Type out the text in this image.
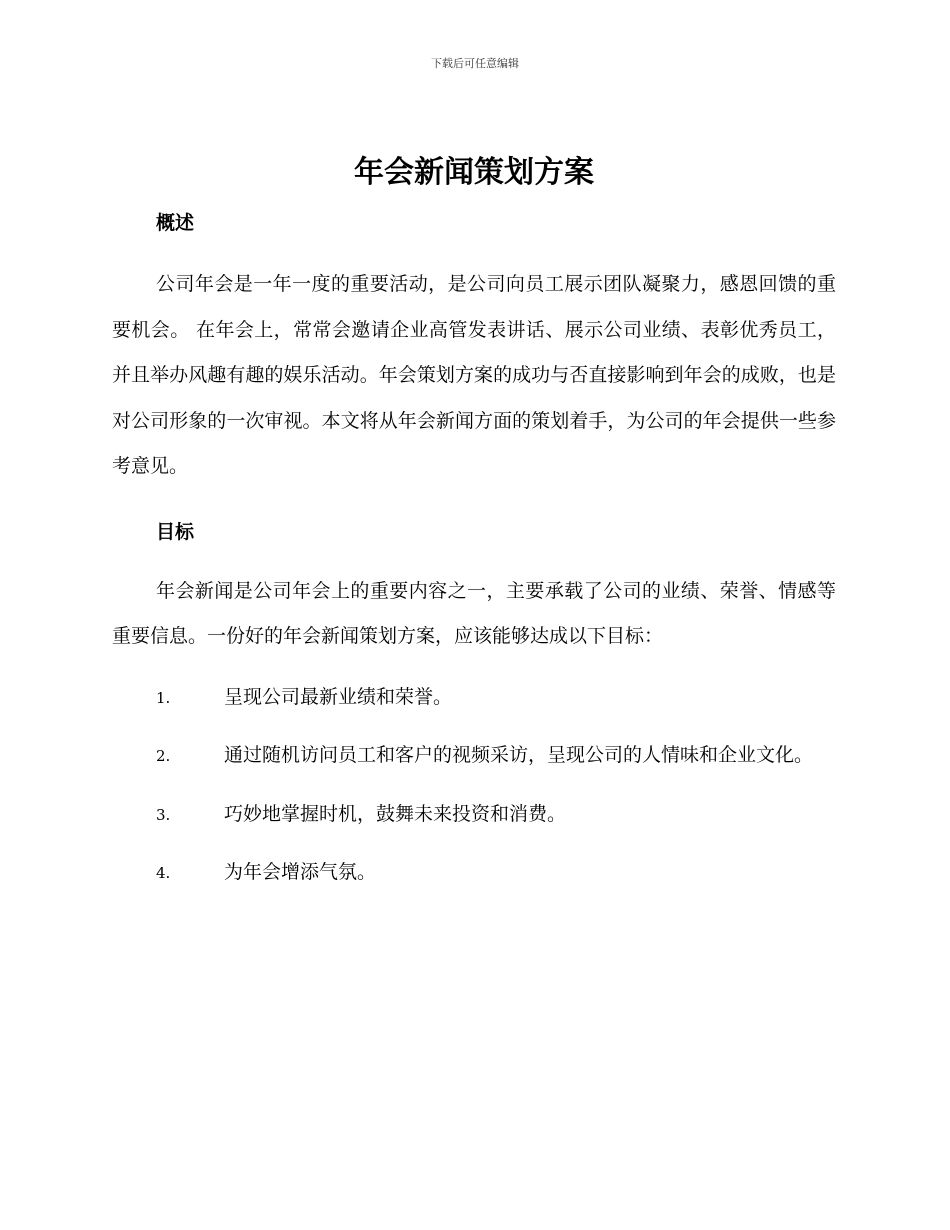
下载后可任意编辑
年会新闻策划方案
概述

公司年会是一年一度的重要活动，是公司向员工展示团队凝聚力，感恩回馈的重要机会。 在年会上，常常会邀请企业高管发表讲话、展示公司业绩、表彰优秀员工，并且举办风趣有趣的娱乐活动。年会策划方案的成功与否直接影响到年会的成败，也是对公司形象的一次审视。本文将从年会新闻方面的策划着手，为公司的年会提供一些参考意见。

目标

年会新闻是公司年会上的重要内容之一，主要承载了公司的业绩、荣誉、情感等重要信息。一份好的年会新闻策划方案，应该能够达成以下目标：

1.	呈现公司最新业绩和荣誉。
2.	通过随机访问员工和客户的视频采访，呈现公司的人情味和企业文化。
3.	巧妙地掌握时机，鼓舞未来投资和消费。
4.	为年会增添气氛。
